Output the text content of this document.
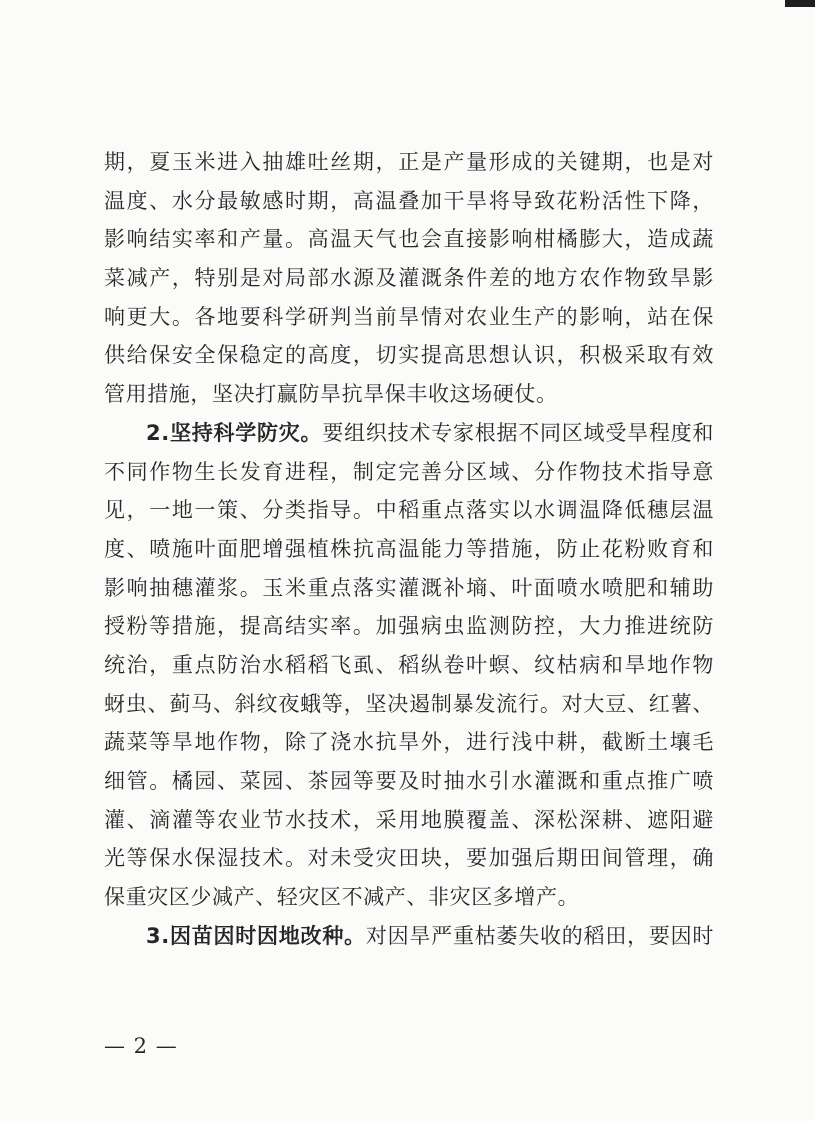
期，夏玉米进入抽雄吐丝期，正是产量形成的关键期，也是对
温度、水分最敏感时期，高温叠加干旱将导致花粉活性下降，
影响结实率和产量。高温天气也会直接影响柑橘膨大，造成蔬
菜减产，特别是对局部水源及灌溉条件差的地方农作物致旱影
响更大。各地要科学研判当前旱情对农业生产的影响，站在保
供给保安全保稳定的高度，切实提高思想认识，积极采取有效
管用措施，坚决打赢防旱抗旱保丰收这场硬仗。
2.坚持科学防灾。要组织技术专家根据不同区域受旱程度和
不同作物生长发育进程，制定完善分区域、分作物技术指导意
见，一地一策、分类指导。中稻重点落实以水调温降低穗层温
度、喷施叶面肥增强植株抗高温能力等措施，防止花粉败育和
影响抽穗灌浆。玉米重点落实灌溉补墒、叶面喷水喷肥和辅助
授粉等措施，提高结实率。加强病虫监测防控，大力推进统防
统治，重点防治水稻稻飞虱、稻纵卷叶螟、纹枯病和旱地作物
蚜虫、蓟马、斜纹夜蛾等，坚决遏制暴发流行。对大豆、红薯、
蔬菜等旱地作物，除了浇水抗旱外，进行浅中耕，截断土壤毛
细管。橘园、菜园、茶园等要及时抽水引水灌溉和重点推广喷
灌、滴灌等农业节水技术，采用地膜覆盖、深松深耕、遮阳避
光等保水保湿技术。对未受灾田块，要加强后期田间管理，确
保重灾区少减产、轻灾区不减产、非灾区多增产。
3.因苗因时因地改种。对因旱严重枯萎失收的稻田，要因时
— 2 —
